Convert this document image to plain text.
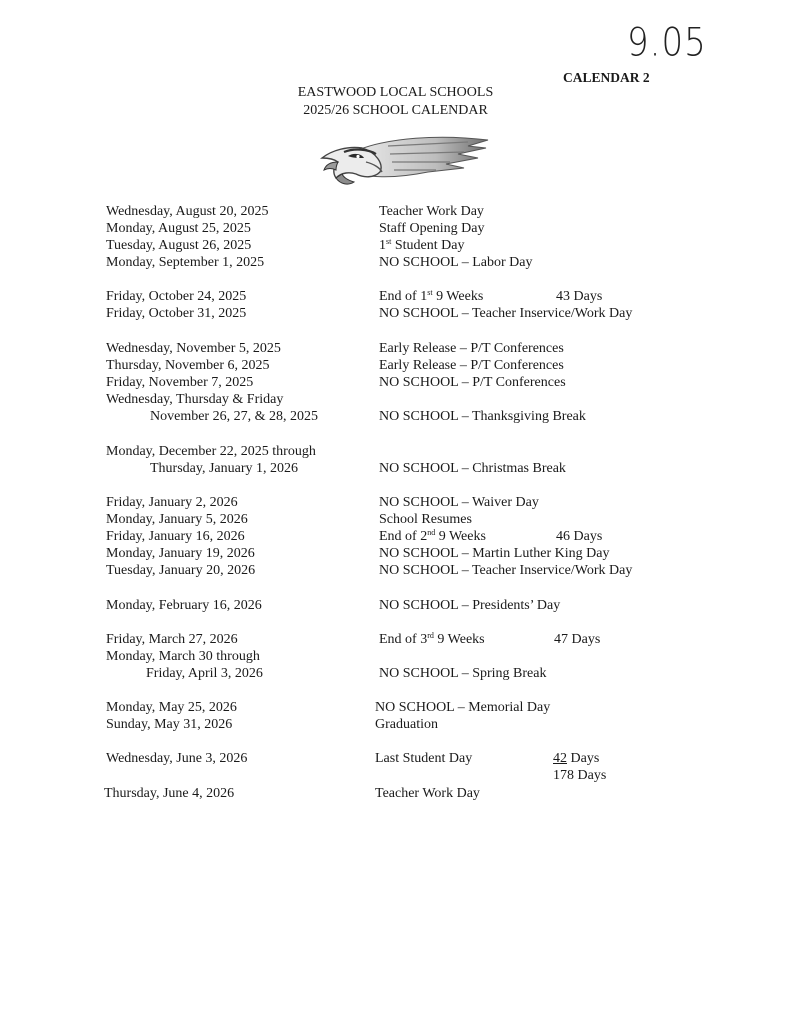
9.05
CALENDAR 2
EASTWOOD LOCAL SCHOOLS
2025/26 SCHOOL CALENDAR
Wednesday, August 20, 2025	Teacher Work Day
Monday, August 25, 2025	Staff Opening Day
Tuesday, August 26, 2025	1st Student Day
Monday, September 1, 2025	NO SCHOOL – Labor Day
Friday, October 24, 2025	End of 1st 9 Weeks	43 Days
Friday, October 31, 2025	NO SCHOOL – Teacher Inservice/Work Day
Wednesday, November 5, 2025	Early Release – P/T Conferences
Thursday, November 6, 2025	Early Release – P/T Conferences
Friday, November 7, 2025	NO SCHOOL – P/T Conferences
Wednesday, Thursday & Friday
November 26, 27, & 28, 2025	NO SCHOOL – Thanksgiving Break
Monday, December 22, 2025 through
Thursday, January 1, 2026	NO SCHOOL – Christmas Break
Friday, January 2, 2026	NO SCHOOL – Waiver Day
Monday, January 5, 2026	School Resumes
Friday, January 16, 2026	End of 2nd 9 Weeks	46 Days
Monday, January 19, 2026	NO SCHOOL – Martin Luther King Day
Tuesday, January 20, 2026	NO SCHOOL – Teacher Inservice/Work Day
Monday, February 16, 2026	NO SCHOOL – Presidents’ Day
Friday, March 27, 2026	End of 3rd 9 Weeks	47 Days
Monday, March 30 through
Friday, April 3, 2026	NO SCHOOL – Spring Break
Monday, May 25, 2026	NO SCHOOL – Memorial Day
Sunday, May 31, 2026	Graduation
Wednesday, June 3, 2026	Last Student Day	42 Days
178 Days
Thursday, June 4, 2026	Teacher Work Day
